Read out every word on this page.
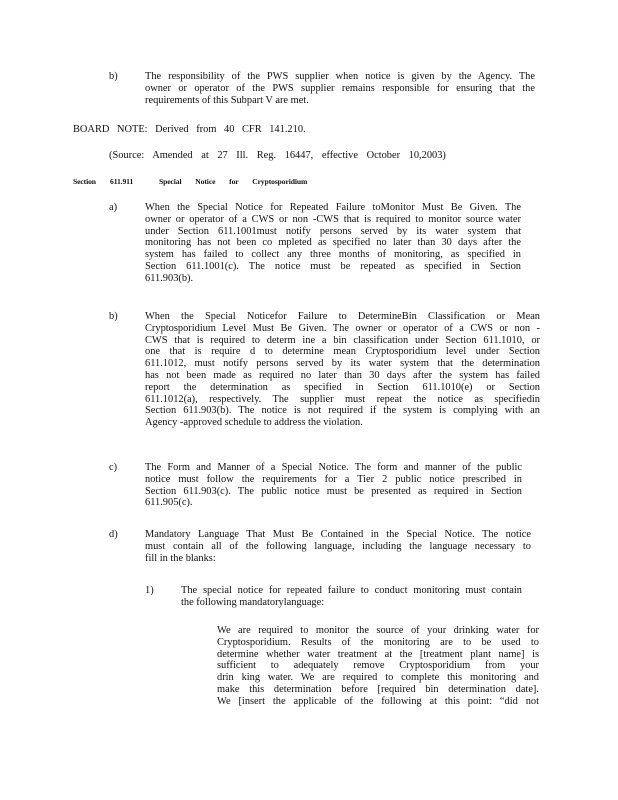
b)	The responsibility of the PWS supplier when notice is given by the Agency. The
owner or operator of the PWS supplier remains responsible for ensuring that the
requirements of this Subpart V are met.
BOARD NOTE: Derived from 40 CFR 141.210.
(Source: Amended at 27 Ill. Reg. 16447, effective October 10,2003)
Section 611.911	Special Notice for Cryptosporidium
a)	When the Special Notice for Repeated Failure toMonitor Must Be Given. The
owner or operator of a CWS or non -CWS that is required to monitor source water
under Section 611.1001must notify persons served by its water system that
monitoring has not been co mpleted as specified no later than 30 days after the
system has failed to collect any three months of monitoring, as specified in
Section 611.1001(c). The notice must be repeated as specified in Section
611.903(b).
b)	When the Special Noticefor Failure to DetermineBin Classification or Mean
Cryptosporidium Level Must Be Given. The owner or operator of a CWS or non -
CWS that is required to determ ine a bin classification under Section 611.1010, or
one that is require d to determine mean Cryptosporidium level under Section
611.1012, must notify persons served by its water system that the determination
has not been made as required no later than 30 days after the system has failed
report the determination as specified in Section 611.1010(e) or Section
611.1012(a), respectively. The supplier must repeat the notice as specifiedin
Section 611.903(b). The notice is not required if the system is complying with an
Agency -approved schedule to address the violation.
c)	The Form and Manner of a Special Notice. The form and manner of the public
notice must follow the requirements for a Tier 2 public notice prescribed in
Section 611.903(c). The public notice must be presented as required in Section
611.905(c).
d)	Mandatory Language That Must Be Contained in the Special Notice. The notice
must contain all of the following language, including the language necessary to
fill in the blanks:
1)	The special notice for repeated failure to conduct monitoring must contain
the following mandatorylanguage:
We are required to monitor the source of your drinking water for
Cryptosporidium. Results of the monitoring are to be used to
determine whether water treatment at the [treatment plant name] is
sufficient to adequately remove Cryptosporidium from your
drin king water. We are required to complete this monitoring and
make this determination before [required bin determination date].
We [insert the applicable of the following at this point: “did not
